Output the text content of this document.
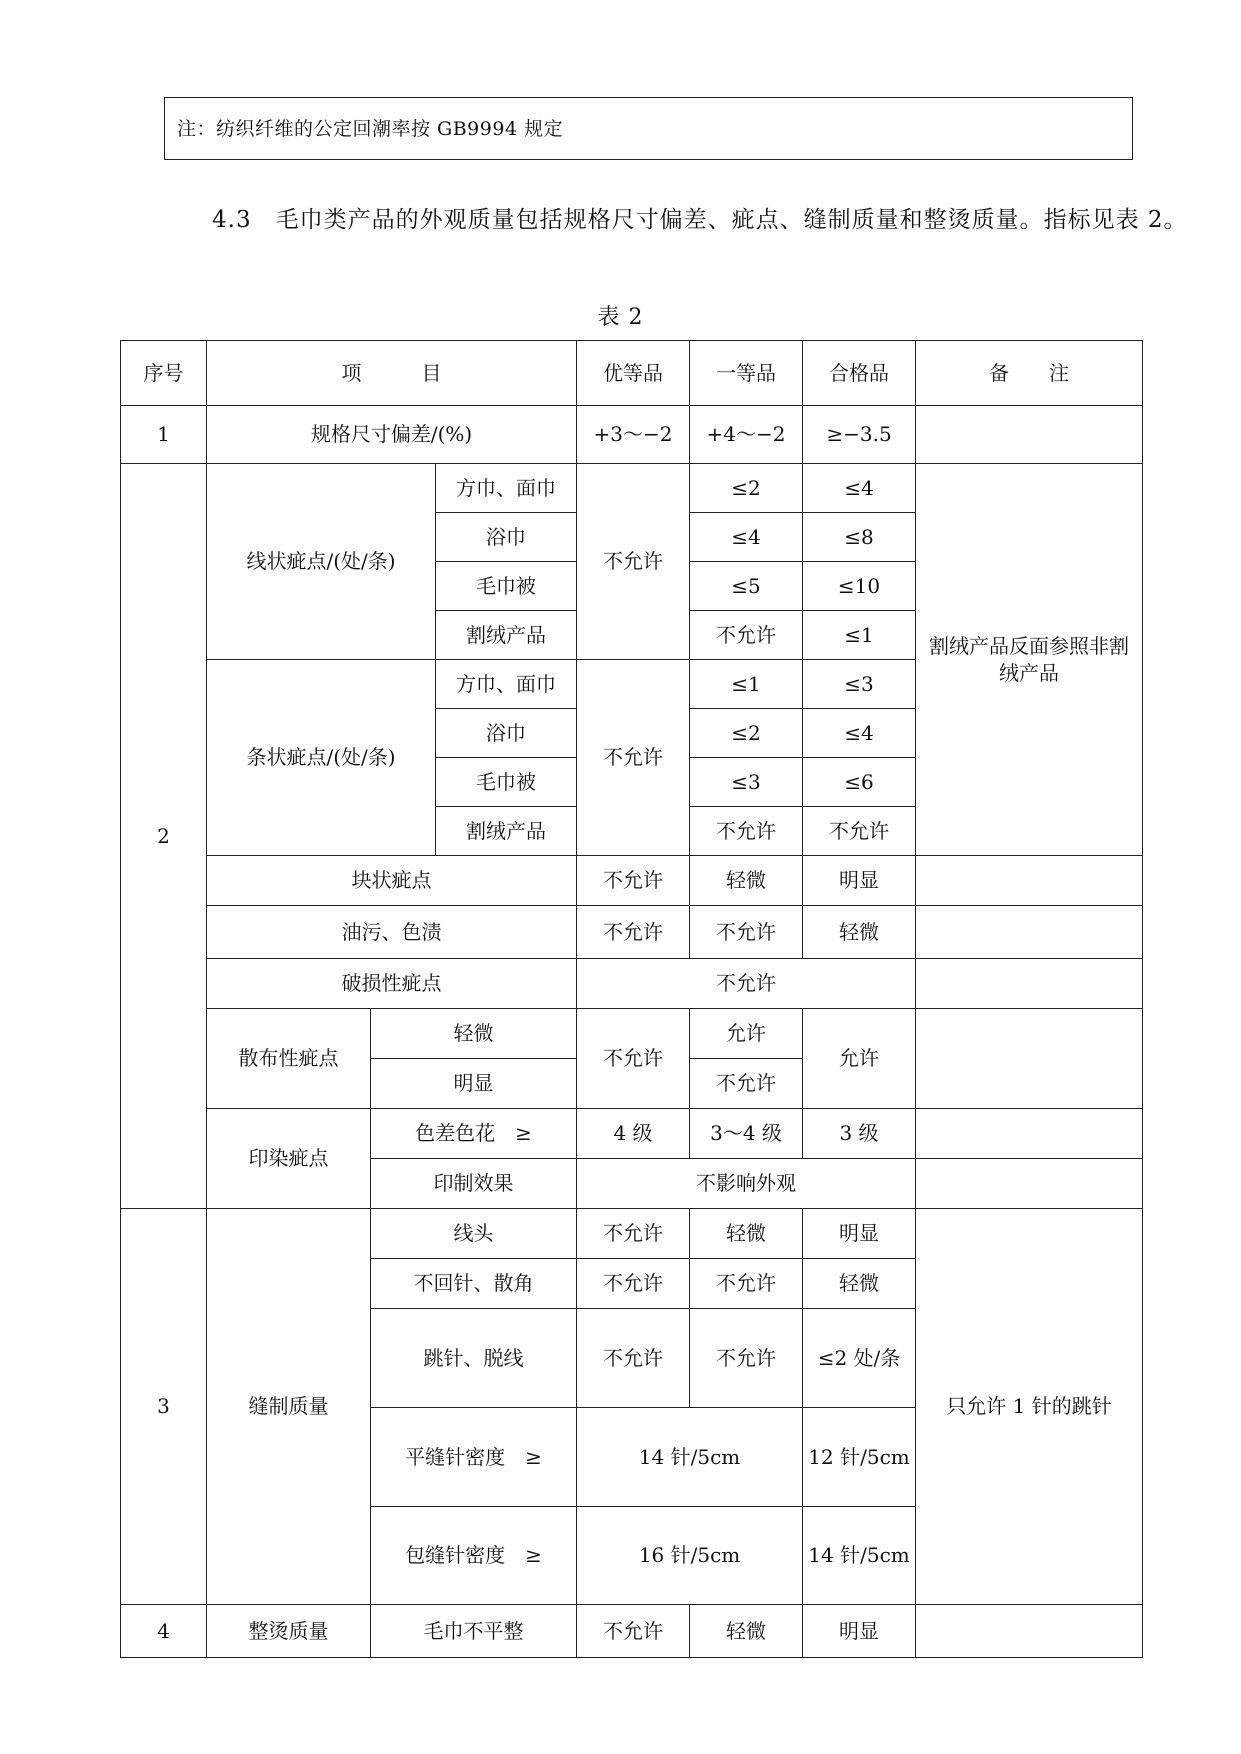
注：纺织纤维的公定回潮率按 GB9994 规定
4.3　毛巾类产品的外观质量包括规格尺寸偏差、疵点、缝制质量和整烫质量。指标见表 2。
表 2
序号	项　　　目			优等品	一等品	合格品	备　　注
1	规格尺寸偏差/(%)			+3～−2	+4～−2	≥−3.5	
2	线状疵点/(处/条)		方巾、面巾	不允许	≤2	≤4	割绒产品反面参照非割绒产品
			浴巾		≤4	≤8	
			毛巾被		≤5	≤10	
			割绒产品		不允许	≤1	
	条状疵点/(处/条)		方巾、面巾	不允许	≤1	≤3	
			浴巾		≤2	≤4	
			毛巾被		≤3	≤6	
			割绒产品		不允许	不允许	
	块状疵点			不允许	轻微	明显	
	油污、色渍			不允许	不允许	轻微	
	破损性疵点			不允许			
	散布性疵点	轻微		不允许	允许	允许	
		明显			不允许		
	印染疵点	色差色花　≥		4 级	3～4 级	3 级	
		印制效果		不影响外观			
3	缝制质量	线头		不允许	轻微	明显	只允许 1 针的跳针
		不回针、散角		不允许	不允许	轻微	
		跳针、脱线		不允许	不允许	≤2 处/条	
		平缝针密度　≥		14 针/5cm		12 针/5cm	
		包缝针密度　≥		16 针/5cm		14 针/5cm	
4	整烫质量	毛巾不平整		不允许	轻微	明显	
